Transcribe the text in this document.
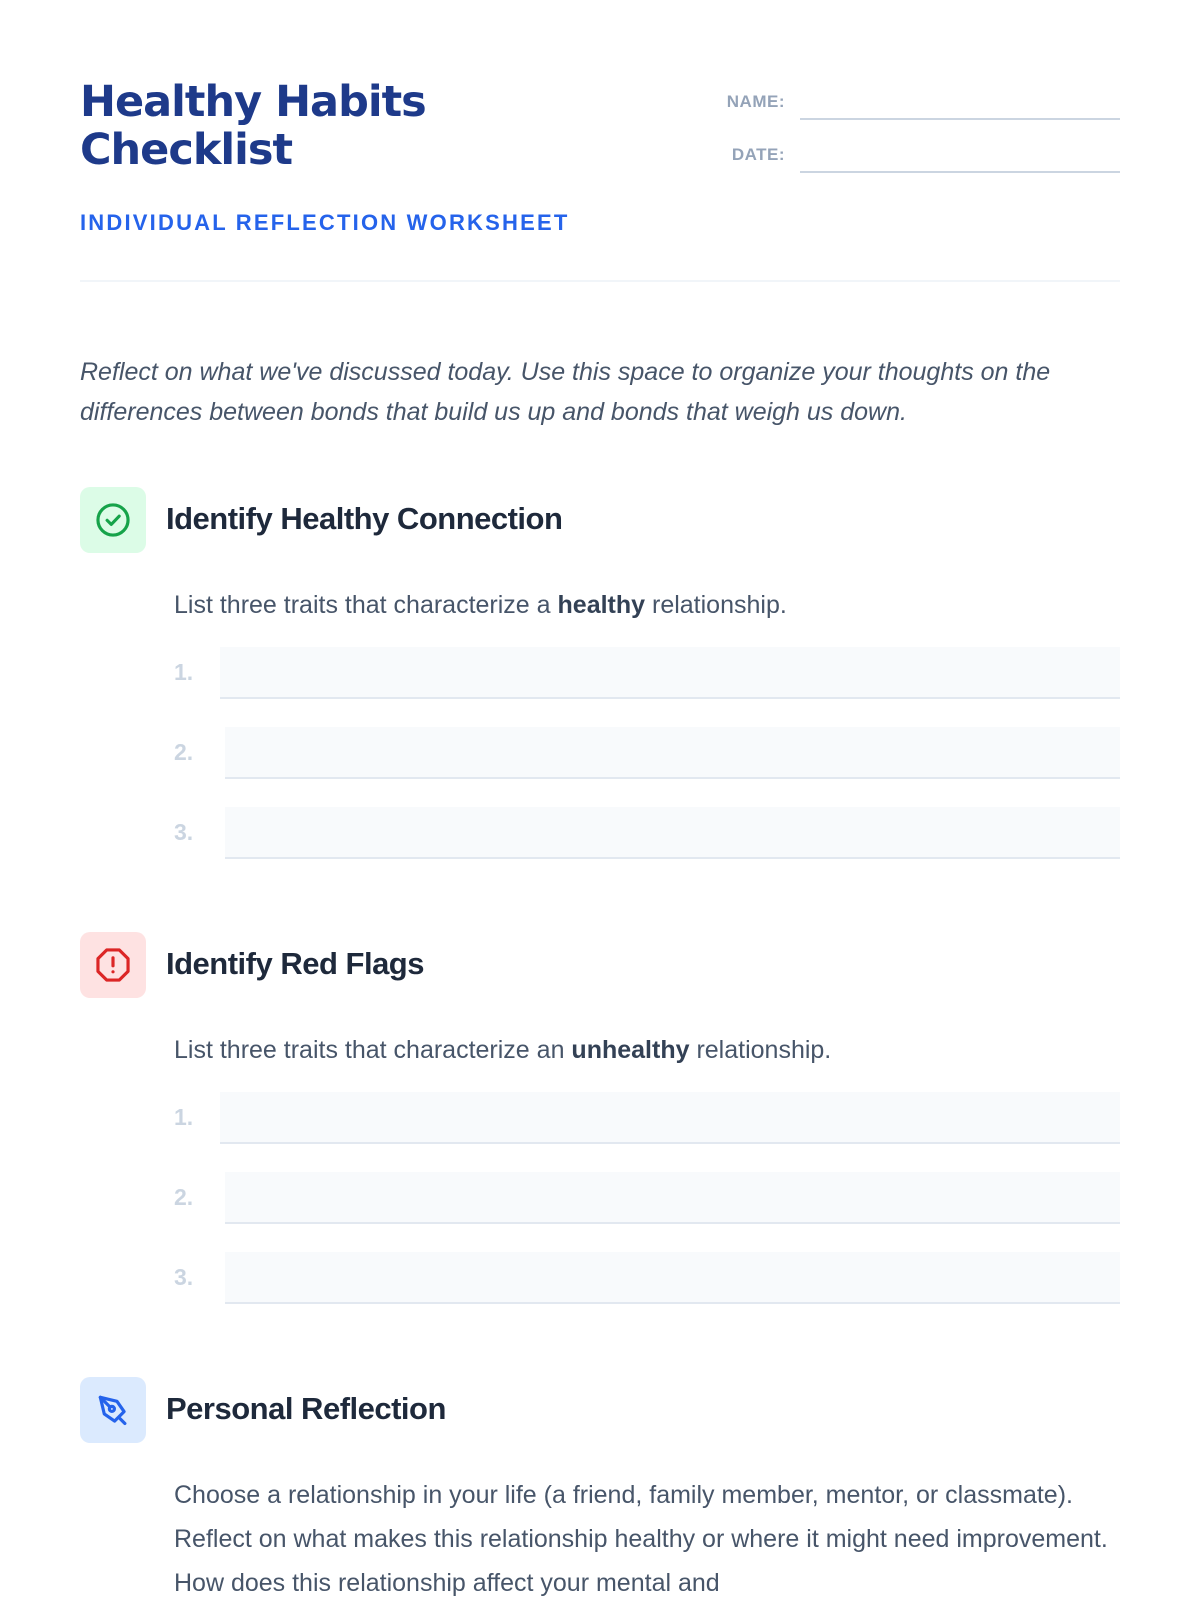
Healthy Habits
Checklist
NAME:
DATE:
INDIVIDUAL REFLECTION WORKSHEET

Reflect on what we've discussed today. Use this space to organize your thoughts on the differences between bonds that build us up and bonds that weigh us down.

Identify Healthy Connection
List three traits that characterize a healthy relationship.
1.
2.
3.
Identify Red Flags
List three traits that characterize an unhealthy relationship.
1.
2.
3.
Personal Reflection
Choose a relationship in your life (a friend, family member, mentor, or classmate). Reflect on what makes this relationship healthy or where it might need improvement. How does this relationship affect your mental and
